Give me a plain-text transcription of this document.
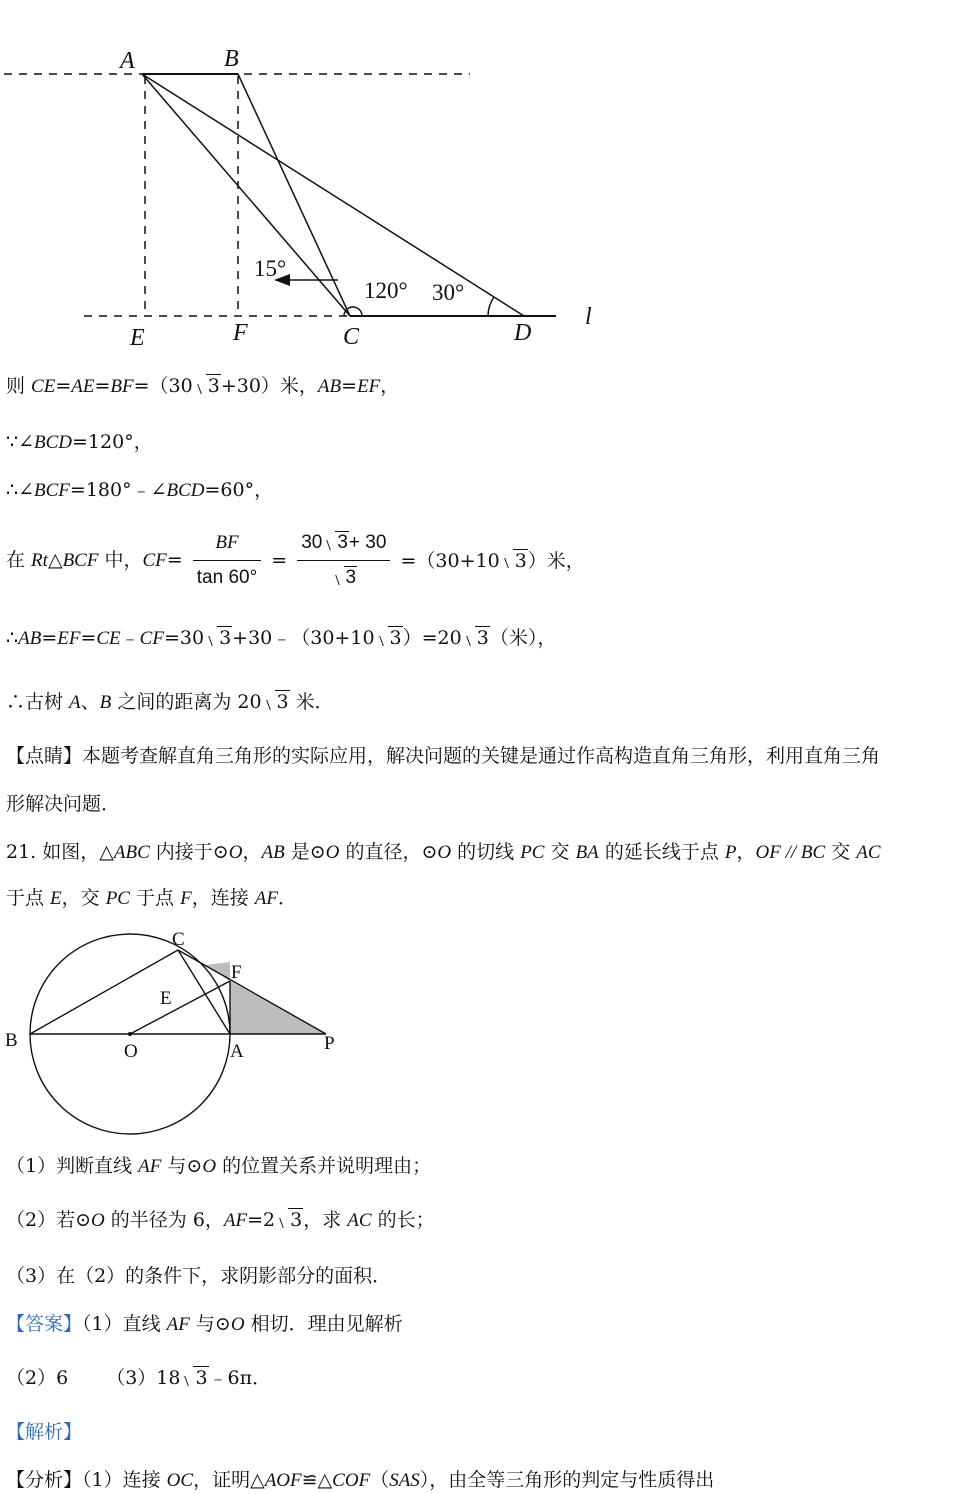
A	B
E	F	C	D
l
15°
120° 30°
则 CE=AE=BF=（30 3+30）米，AB=EF，
∵∠BCD=120°，
∴∠BCF=180°﹣∠BCD=60°，
在 Rt△BCF 中，$CF= \frac{BF}{\tan 60^\circ} = \frac{30 3+ 30}{3} =(30+10$ 3）米，
∴AB=EF=CE﹣CF=30 3+30﹣（30+10 3）=20 3（米），
∴古树 A、B 之间的距离为 20 3 米．
【点睛】本题考查解直角三角形的实际应用，解决问题的关键是通过作高构造直角三角形，利用直角三角
形解决问题．
21. 如图，△ABC 内接于⊙O，AB 是⊙O 的直径，⊙O 的切线 PC 交 BA 的延长线于点 P，OF // BC 交 AC
于点 E，交 PC 于点 F，连接 AF．
B
O	A	P
C
E
F
（1）判断直线 AF 与⊙O 的位置关系并说明理由；
（2）若⊙O 的半径为 6，AF=2 3，求 AC 的长；
（3）在（2）的条件下，求阴影部分的面积．
【答案】（1）直线 AF 与⊙O 相切．理由见解析
（2）6 （3）18 3﹣6π．
【解析】
【分析】（1）连接 OC，证明△AOF≌△COF（SAS），由全等三角形的判定与性质得出
